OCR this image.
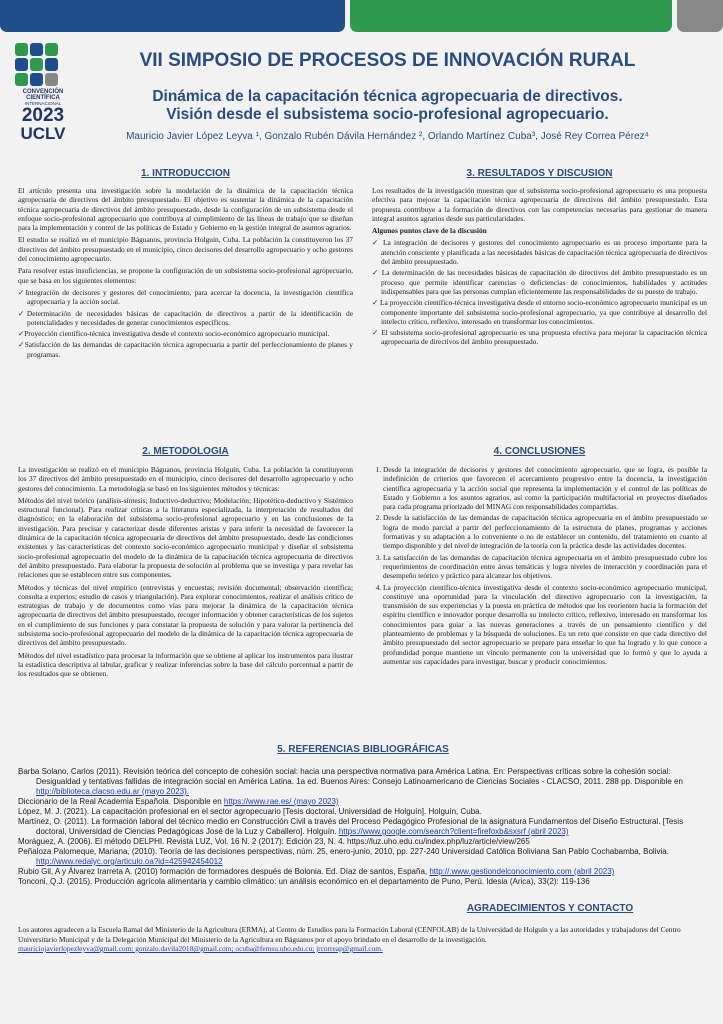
CONVENCIÓN
CIENTÍFICA
INTERNACIONAL
2023
UCLV
VII SIMPOSIO DE PROCESOS DE INNOVACIÓN RURAL
Dinámica de la capacitación técnica agropecuaria de directivos.
Visión desde el subsistema socio-profesional agropecuario.
Mauricio Javier López Leyva ¹, Gonzalo Rubén Dávila Hernández ², Orlando Martínez Cuba³, José Rey Correa Pérez⁴
1. INTRODUCCION

El artículo presenta una investigación sobre la modelación de la dinámica de la capacitación técnica agropecuaria de directivos del ámbito presupuestado. El objetivo es sustentar la dinámica de la capacitación técnica agropecuaria de directivos del ámbito presupuestado, desde la configuración de un subsistema desde el enfoque socio-profesional agropecuario que contribuya al cumplimiento de las líneas de trabajo que se diseñan para la implementación y control de las políticas de Estado y Gobierno en la gestión integral de asuntos agrarios.

El estudio se realizó en el municipio Báguanos, provincia Holguín, Cuba. La población la constituyeron los 37 directivos del ámbito presupuestado en el municipio, cinco decisores del desarrollo agropecuario y ocho gestores del conocimiento agropecuario.

Para resolver estas insuficiencias, se propone la configuración de un subsistema socio-profesional agropecuario, que se basa en los siguientes elementos:

✓Integración de decisores y gestores del conocimiento, para acercar la docencia, la investigación científica agropecuaria y la acción social.
✓Determinación de necesidades básicas de capacitación de directivos a partir de la identificación de potencialidades y necesidades de generar conocimientos específicos.
✓Proyección científico-técnica investigativa desde el contexto socio-económico agropecuario municipal.
✓Satisfacción de las demandas de capacitación técnica agropecuaria a partir del perfeccionamiento de planes y programas.
3. RESULTADOS Y DISCUSION

Los resultados de la investigación muestran que el subsistema socio-profesional agropecuario es una propuesta efectiva para mejorar la capacitación técnica agropecuaria de directivos del ámbito presupuestado. Esta propuesta contribuye a la formación de directivos con las competencias necesarias para gestionar de manera integral asuntos agrarios desde sus particularidades.

Algunos puntos clave de la discusión

✓ La integración de decisores y gestores del conocimiento agropecuario es un proceso importante para la atención consciente y planificada a las necesidades básicas de capacitación técnica agropecuaria de directivos del ámbito presupuestado.
✓ La determinación de las necesidades básicas de capacitación de directivos del ámbito presupuestado es un proceso que permite identificar carencias o deficiencias de conocimientos, habilidades y actitudes indispensables para que las personas cumplan eficientemente las responsabilidades de su puesto de trabajo.
✓ La proyección científico-técnica investigativa desde el entorno socio-económico agropecuario municipal es un componente importante del subsistema socio-profesional agropecuario, ya que contribuye al desarrollo del intelecto crítico, reflexivo, interesado en transformar los conocimientos.
✓ El subsistema socio-profesional agropecuario es una propuesta efectiva para mejorar la capacitación técnica agropecuaria de directivos del ámbito presupuestado.
2. METODOLOGIA

La investigación se realizó en el municipio Báguanos, provincia Holguín, Cuba. La población la constituyeron los 37 directivos del ámbito presupuestado en el municipio, cinco decisores del desarrollo agropecuario y ocho gestores del conocimiento. La metodología se basó en los siguientes métodos y técnicas:

Métodos del nivel teórico (análisis-síntesis; Inductivo-deductivo; Modelación; Hipotético-deductivo y Sistémico estructural funcional). Para realizar críticas a la literatura especializada, la interpretación de resultados del diagnóstico; en la elaboración del subsistema socio-profesional agropecuario y en las conclusiones de la investigación. Para precisar y caracterizar desde diferentes aristas y para inferir la necesidad de favorecer la dinámica de la capacitación técnica agropecuaria de directivos del ámbito presupuestado, desde las condiciones existentes y las características del contexto socio-económico agropecuario municipal y diseñar el subsistema socio-profesional agropecuario del modelo de la dinámica de la capacitación técnica agropecuaria de directivos del ámbito presupuestado. Para elaborar la propuesta de solución al problema que se investiga y para revelar las relaciones que se establecen entre sus componentes.

Métodos y técnicas del nivel empírico (entrevistas y encuestas; revisión documental; observación científica; consulta a expertos; estudio de casos y triangulación). Para explorar conocimientos, realizar el análisis crítico de estrategias de trabajo y de documentos como vías para mejorar la dinámica de la capacitación técnica agropecuaria de directivos del ámbito presupuestado, recoger información y obtener características de los sujetos en el cumplimiento de sus funciones y para constatar la propuesta de solución y para valorar la pertinencia del subsistema socio-profesional agropecuario del modelo de la dinámica de la capacitación técnica agropecuaria de directivos del ámbito presupuestado.

Métodos del nivel estadístico para procesar la información que se obtiene al aplicar los instrumentos para ilustrar la estadística descriptiva al tabular, graficar y realizar inferencias sobre la base del cálculo porcentual a partir de los resultados que se obtienen.

4. CONCLUSIONES
1. Desde la integración de decisores y gestores del conocimiento agropecuario, que se logra, es posible la indefinición de criterios que favorecen el acercamiento progresivo entre la docencia, la investigación científica agropecuaria y la acción social que representa la implementación y el control de las políticas de Estado y Gobierno a los asuntos agrarios, así como la participación multifactorial en proyectos diseñados para cada programa priorizado del MINAG con responsabilidades compartidas.
2. Desde la satisfacción de las demandas de capacitación técnica agropecuaria en el ámbito presupuestado se logra de modo parcial a partir del perfeccionamiento de la estructura de planes, programas y acciones formativas y su adaptación a lo conveniente o no de establecer un contenido, del tratamiento en cuanto al tiempo disponible y del nivel de integración de la teoría con la práctica desde las actividades docentes.
3. La satisfacción de las demandas de capacitación técnica agropecuaria en el ámbito presupuestado cubre los requerimientos de coordinación entre áreas temáticas y logra niveles de interacción y coordinación para el desempeño teórico y práctico para alcanzar los objetivos.
4. La proyección científico-técnica investigativa desde el contexto socio-económico agropecuario municipal, constituye una oportunidad para la vinculación del directivo agropecuario con la investigación, la transmisión de sus experiencias y la puesta en práctica de métodos que los reorienten hacia la formación del espíritu científico e innovador porque desarrolla su intelecto crítico, reflexivo, interesado en transformar los conocimientos para guiar a las nuevas generaciones a través de un pensamiento científico y del planteamiento de problemas y la búsqueda de soluciones. Es un reto que consiste en que cada directivo del ámbito presupuestado del sector agropecuario se prepare para enseñar lo que ha logrado y lo que conoce a profundidad porque mantiene un vínculo permanente con la universidad que lo formó y que lo ayuda a aumentar sus capacidades para investigar, buscar y producir conocimientos.
5. REFERENCIAS BIBLIOGRÁFICAS
Barba Solano, Carlos (2011). Revisión teórica del concepto de cohesión social: hacia una perspectiva normativa para América Latina. En: Perspectivas críticas sobre la cohesión social: Desigualdad y tentativas fallidas de integración social en América Latina. 1a ed. Buenos Aires: Consejo Latinoamericano de Ciencias Sociales - CLACSO, 2011. 288 pp. Disponible en http://biblioteca.clacso.edu.ar (mayo 2023).
Diccionario de la Real Academia Española. Disponible en https://www.rae.es/ (mayo 2023)
López, M. J. (2021). La capacitación profesional en el sector agropecuario [Tesis doctoral, Universidad de Holguín]. Holguín, Cuba.
Martínez, O. (2011). La formación laboral del técnico medio en Construcción Civil a través del Proceso Pedagógico Profesional de la asignatura Fundamentos del Diseño Estructural. [Tesis doctoral, Universidad de Ciencias Pedagógicas José de la Luz y Caballero]. Holguín. https://www.google.com/search?client=firefoxb&sxsrf (abril 2023)
Moráguez, A. (2006). El método DELPHI. Revista LUZ, Vol. 16 N. 2 (2017): Edición 23, N. 4. https://luz.uho.edu.cu/index.php/luz/article/view/265
Peñaloza Palomeque, Mariana, (2010). Teoría de las decisiones perspectivas, núm. 25, enero-junio, 2010, pp. 227-240 Universidad Católica Boliviana San Pablo Cochabamba, Bolivia. http://www.redalyc.org/articulo.oa?id=425942454012
Rubio Gil, A y Álvarez Irarreta A. (2010) formación de formadores después de Bolonia. Ed. Díaz de santos, España, http://.www.gestiondelconocimiento.com (abril 2023)
Tonconi, Q.J. (2015). Producción agrícola alimentaria y cambio climático: un análisis económico en el departamento de Puno, Perú. Idesia (Arica), 33(2): 119-136
AGRADECIMIENTOS Y CONTACTO
Los autores agradecen a la Escuela Ramal del Ministerio de la Agricultura (ERMA), al Centro de Estudios para la Formación Laboral (CENFOLAB) de la Universidad de Holguín y a las autoridades y trabajadores del Centro Universitario Municipal y de la Delegación Municipal del Ministerio de la Agricultura en Báguanos por el apoyo brindado en el desarrollo de la investigación.
mauriciojavierlopezleyva@gmail.com; gonzalo.davila2018@gmail.com; ocuba@femsu.uho.edu.cu; jrcorreap@gmail.com.
